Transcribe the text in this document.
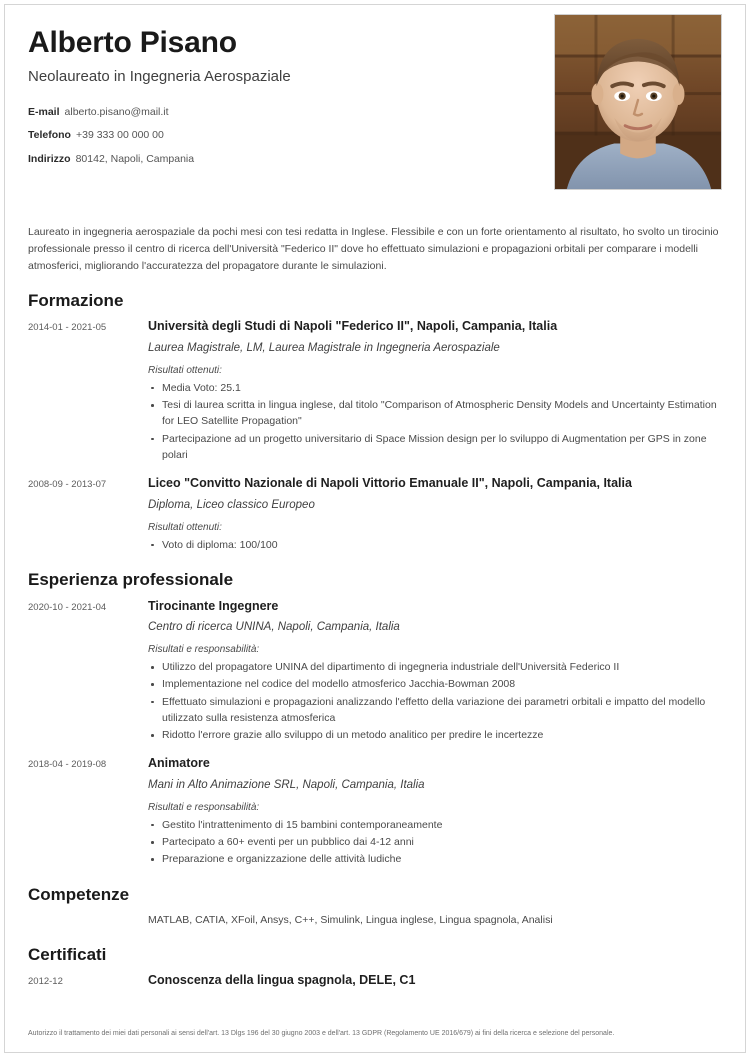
Alberto Pisano
Neolaureato in Ingegneria Aerospaziale
E-mail alberto.pisano@mail.it
Telefono +39 333 00 000 00
Indirizzo 80142, Napoli, Campania
Laureato in ingegneria aerospaziale da pochi mesi con tesi redatta in Inglese. Flessibile e con un forte orientamento al risultato, ho svolto un tirocinio professionale presso il centro di ricerca dell'Università "Federico II" dove ho effettuato simulazioni e propagazioni orbitali per comparare i modelli atmosferici, migliorando l'accuratezza del propagatore durante le simulazioni.
Formazione
2014-01 - 2021-05	Università degli Studi di Napoli "Federico II", Napoli, Campania, Italia
Laurea Magistrale, LM, Laurea Magistrale in Ingegneria Aerospaziale
Risultati ottenuti:
Media Voto: 25.1
Tesi di laurea scritta in lingua inglese, dal titolo "Comparison of Atmospheric Density Models and Uncertainty Estimation for LEO Satellite Propagation"
Partecipazione ad un progetto universitario di Space Mission design per lo sviluppo di Augmentation per GPS in zone polari
2008-09 - 2013-07	Liceo "Convitto Nazionale di Napoli Vittorio Emanuale II", Napoli, Campania, Italia
Diploma, Liceo classico Europeo
Risultati ottenuti:
Voto di diploma: 100/100
Esperienza professionale
2020-10 - 2021-04	Tirocinante Ingegnere
Centro di ricerca UNINA, Napoli, Campania, Italia
Risultati e responsabilità:
Utilizzo del propagatore UNINA del dipartimento di ingegneria industriale dell'Università Federico II
Implementazione nel codice del modello atmosferico Jacchia-Bowman 2008
Effettuato simulazioni e propagazioni analizzando l'effetto della variazione dei parametri orbitali e impatto del modello utilizzato sulla resistenza atmosferica
Ridotto l'errore grazie allo sviluppo di un metodo analitico per predire le incertezze
2018-04 - 2019-08	Animatore
Mani in Alto Animazione SRL, Napoli, Campania, Italia
Risultati e responsabilità:
Gestito l'intrattenimento di 15 bambini contemporaneamente
Partecipato a 60+ eventi per un pubblico dai 4-12 anni
Preparazione e organizzazione delle attività ludiche
Competenze
MATLAB, CATIA, XFoil, Ansys, C++, Simulink, Lingua inglese, Lingua spagnola, Analisi
Certificati
2012-12	Conoscenza della lingua spagnola, DELE, C1
Autorizzo il trattamento dei miei dati personali ai sensi dell'art. 13 Dlgs 196 del 30 giugno 2003 e dell'art. 13 GDPR (Regolamento UE 2016/679) ai fini della ricerca e selezione del personale.
